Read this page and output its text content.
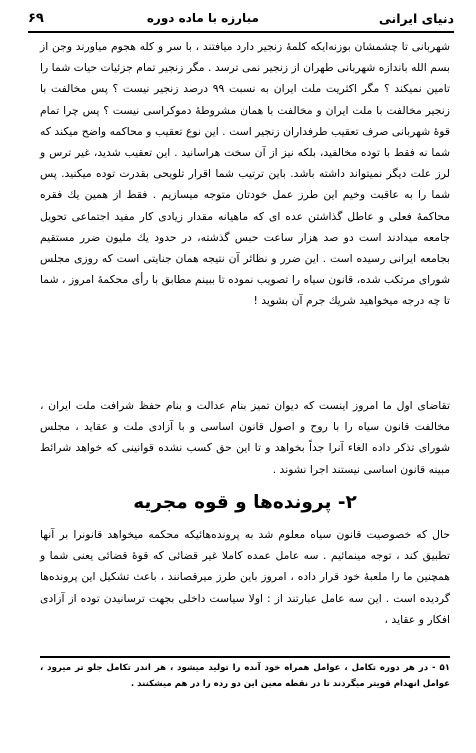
دنیای ایرانی
مبارزه با ماده دوره
۶۹

شهربانی تا چشمشان بوزنه‌ایکه کلمهٔ زنجیر دارد میافتند ، با سر و کله هجوم میاورند وجن از بسم الله باندازه شهربانی طهران از زنجیر نمی ترسد . مگر زنجیر تمام جزئیات حیات شما را تامین نمیکند ؟ مگر اکثریت ملت ایران به نسبت ۹۹ درصد زنجیر نیست ؟ پس مخالفت با زنجیر مخالفت با ملت ایران و مخالفت با همان مشروطهٔ دموکراسی نیست ؟ پس چرا تمام قوهٔ شهربانی صرف تعقیب طرفداران زنجیر است . این نوع تعقیب و محاکمه واضح میکند که شما نه فقط با توده مخالفید، بلکه نیز از آن سخت هراسانید . این تعقیب شدید، غیر ترس و لرز علت دیگر نمیتواند داشته باشد. باین ترتیب شما اقرار تلویحی بقدرت توده میکنید. پس شما را به عاقبت وخیم این طرز عمل خودتان متوجه میسازیم . فقط از همین یك فقره محاکمهٔ فعلی و عاطل گذاشتن عده ای که ماهیانه مقدار زیادی کار مفید اجتماعی تحویل جامعه میدادند است دو صد هزار ساعت حبس گذشته، در حدود یك ملیون ضرر مستقیم بجامعه ایرانی رسیده است . این ضرر و نظائر آن نتیجه همان جنایتی است که روزی مجلس شورای مرتکب شده، قانون سیاه را تصویب نموده تا ببینم مطابق با رأی محکمهٔ امروز ، شما تا چه درجه میخواهید شریك جرم آن بشوید !

تقاضای اول ما امروز اینست که دیوان تمیز بنام عدالت و بنام حفظ شرافت ملت ایران ، مخالفت قانون سیاه را با روح و اصول قانون اساسی و با آزادی ملت و عقاید ، مجلس شورای تذکر داده الغاء آنرا جداً بخواهد و تا این حق کسب نشده قوانینی که خواهد شرائط مبینه قانون اساسی نیستند اجرا نشوند .

۲- پرونده‌ها و قوه مجریه

حال که خصوصیت قانون سیاه معلوم شد به پرونده‌هائیکه محکمه میخواهد قانونرا بر آنها تطبیق کند ، توجه مینمائیم . سه عامل عمده کاملا غیر قضائی که قوهٔ قضائی یعنی شما و همچنین ما را ملعبهٔ خود قرار داده ، امروز باین طرز میرقصانند ، باعث تشکیل این پرونده‌ها گردیده است . این سه عامل عبارتند از : اولا سیاست داخلی بجهت ترسانیدن توده از آزادی افکار و عقاید ،

۵۱ - در هر دوره تکامل ، عوامل همراه خود آنده را تولید میشود ، هر اندر تکامل جلو تر میرود ، عوامل انهدام قویتر میگردند تا در نقطه معین این دو رده را در هم میشکنند .
